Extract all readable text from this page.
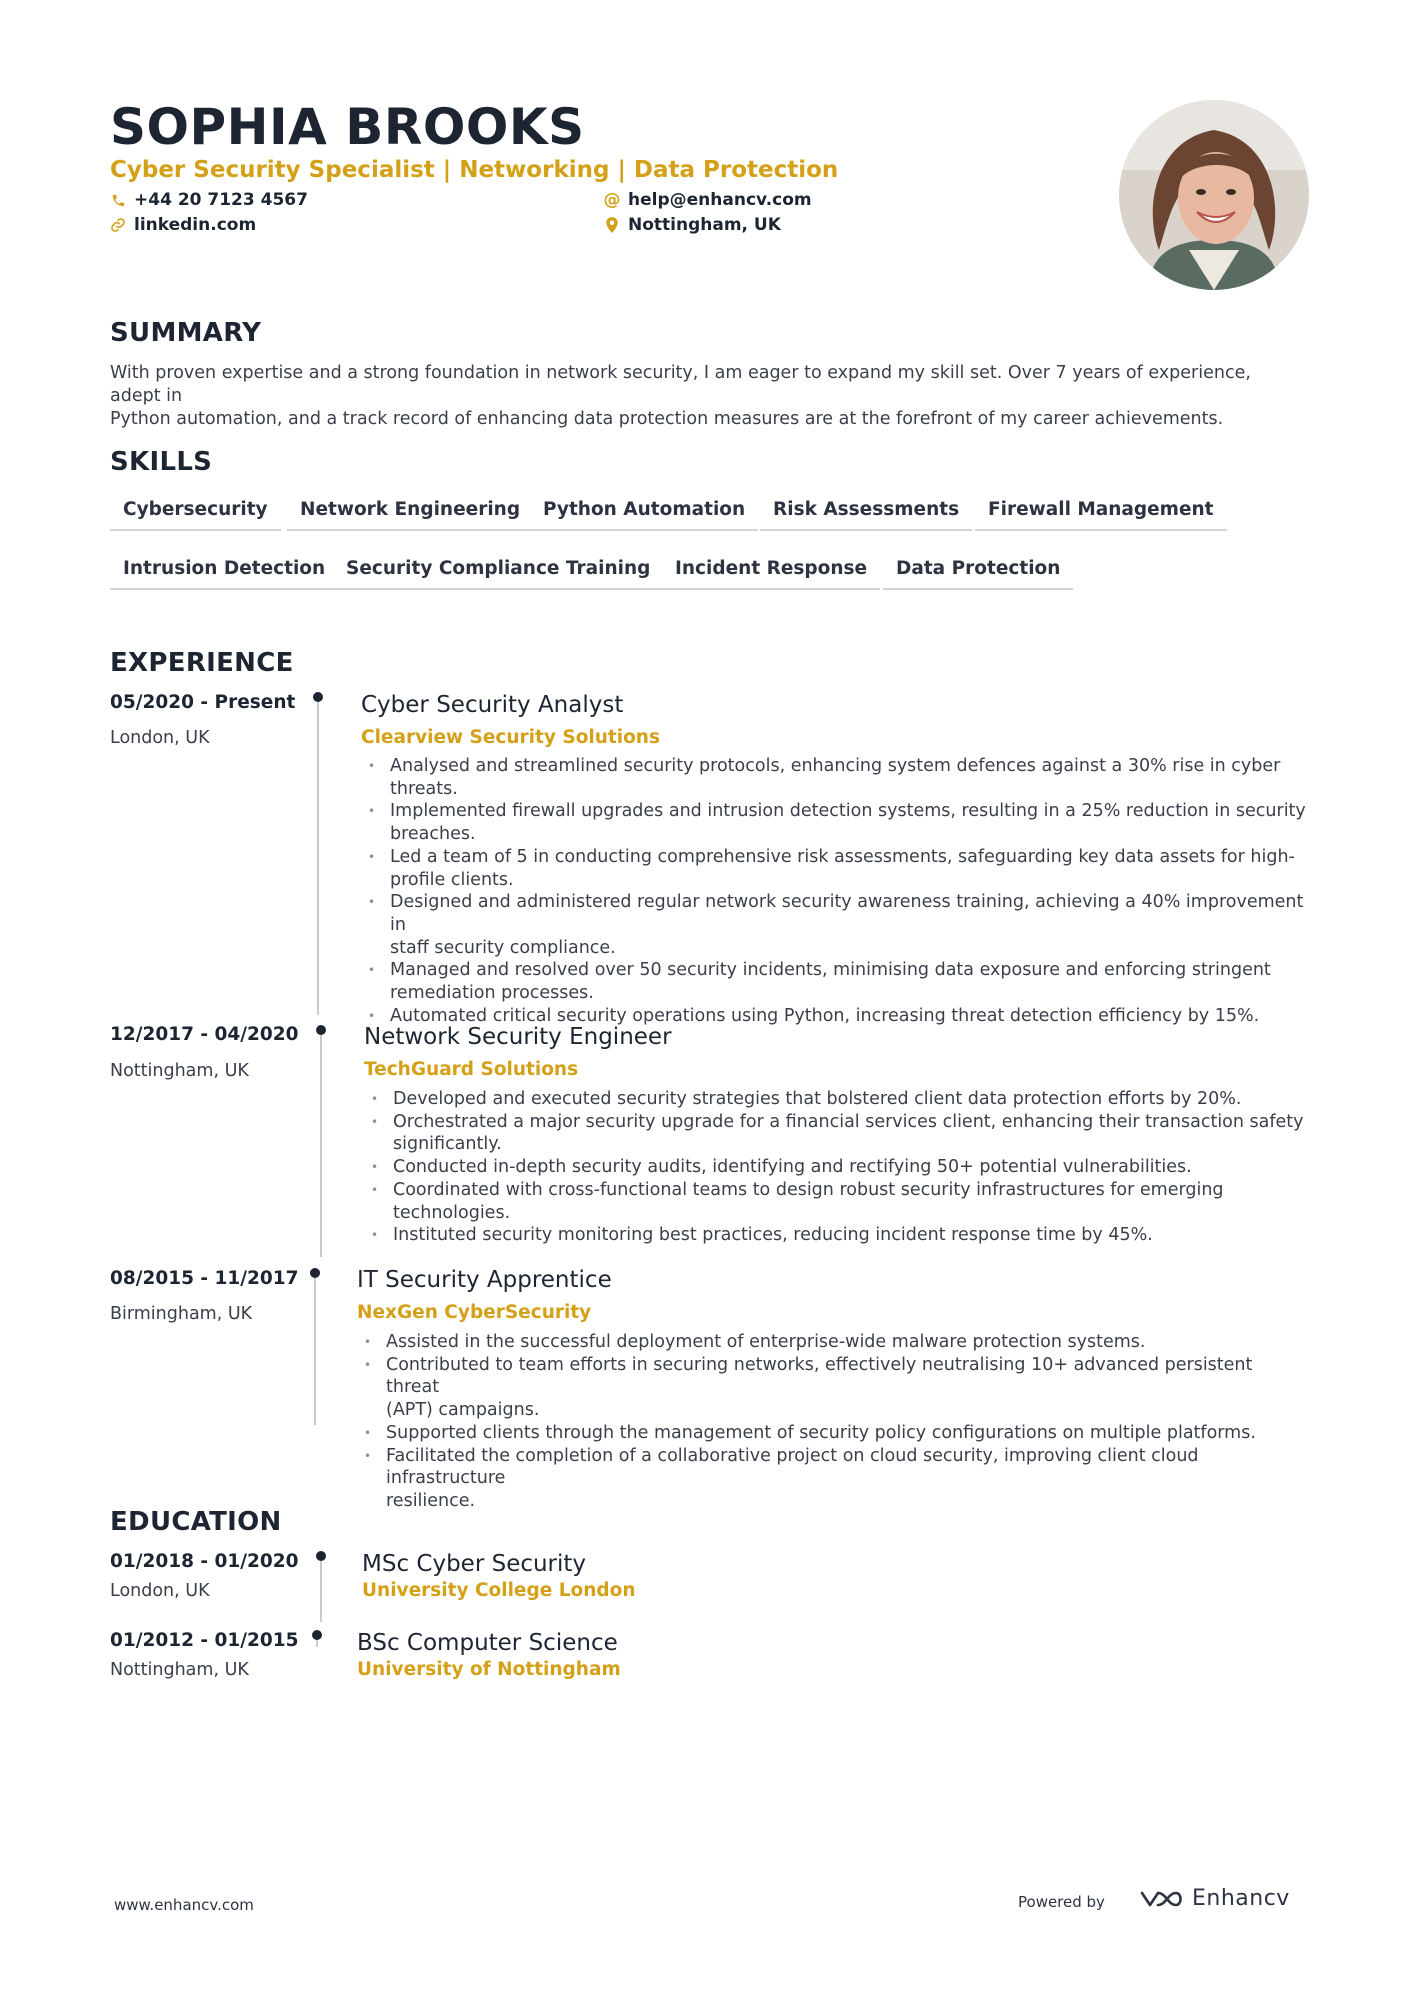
SOPHIA BROOKS
Cyber Security Specialist | Networking | Data Protection
+44 20 7123 4567	@ help@enhancv.com
linkedin.com	Nottingham, UK
SUMMARY
With proven expertise and a strong foundation in network security, I am eager to expand my skill set. Over 7 years of experience, adept in
Python automation, and a track record of enhancing data protection measures are at the forefront of my career achievements.
SKILLS
Cybersecurity	Network Engineering	Python Automation	Risk Assessments	Firewall Management
Intrusion Detection	Security Compliance Training	Incident Response	Data Protection
EXPERIENCE
05/2020 - Present
London, UK
Cyber Security Analyst
Clearview Security Solutions
• Analysed and streamlined security protocols, enhancing system defences against a 30% rise in cyber
threats.
• Implemented firewall upgrades and intrusion detection systems, resulting in a 25% reduction in security
breaches.
• Led a team of 5 in conducting comprehensive risk assessments, safeguarding key data assets for high-
profile clients.
• Designed and administered regular network security awareness training, achieving a 40% improvement in
staff security compliance.
• Managed and resolved over 50 security incidents, minimising data exposure and enforcing stringent
remediation processes.
• Automated critical security operations using Python, increasing threat detection efficiency by 15%.
12/2017 - 04/2020
Nottingham, UK
Network Security Engineer
TechGuard Solutions
• Developed and executed security strategies that bolstered client data protection efforts by 20%.
• Orchestrated a major security upgrade for a financial services client, enhancing their transaction safety
significantly.
• Conducted in-depth security audits, identifying and rectifying 50+ potential vulnerabilities.
• Coordinated with cross-functional teams to design robust security infrastructures for emerging
technologies.
• Instituted security monitoring best practices, reducing incident response time by 45%.
08/2015 - 11/2017
Birmingham, UK
IT Security Apprentice
NexGen CyberSecurity
• Assisted in the successful deployment of enterprise-wide malware protection systems.
• Contributed to team efforts in securing networks, effectively neutralising 10+ advanced persistent threat
(APT) campaigns.
• Supported clients through the management of security policy configurations on multiple platforms.
• Facilitated the completion of a collaborative project on cloud security, improving client cloud infrastructure
resilience.
EDUCATION
01/2018 - 01/2020
London, UK
MSc Cyber Security
University College London
01/2012 - 01/2015
Nottingham, UK
BSc Computer Science
University of Nottingham
www.enhancv.com	Powered by	Enhancv
